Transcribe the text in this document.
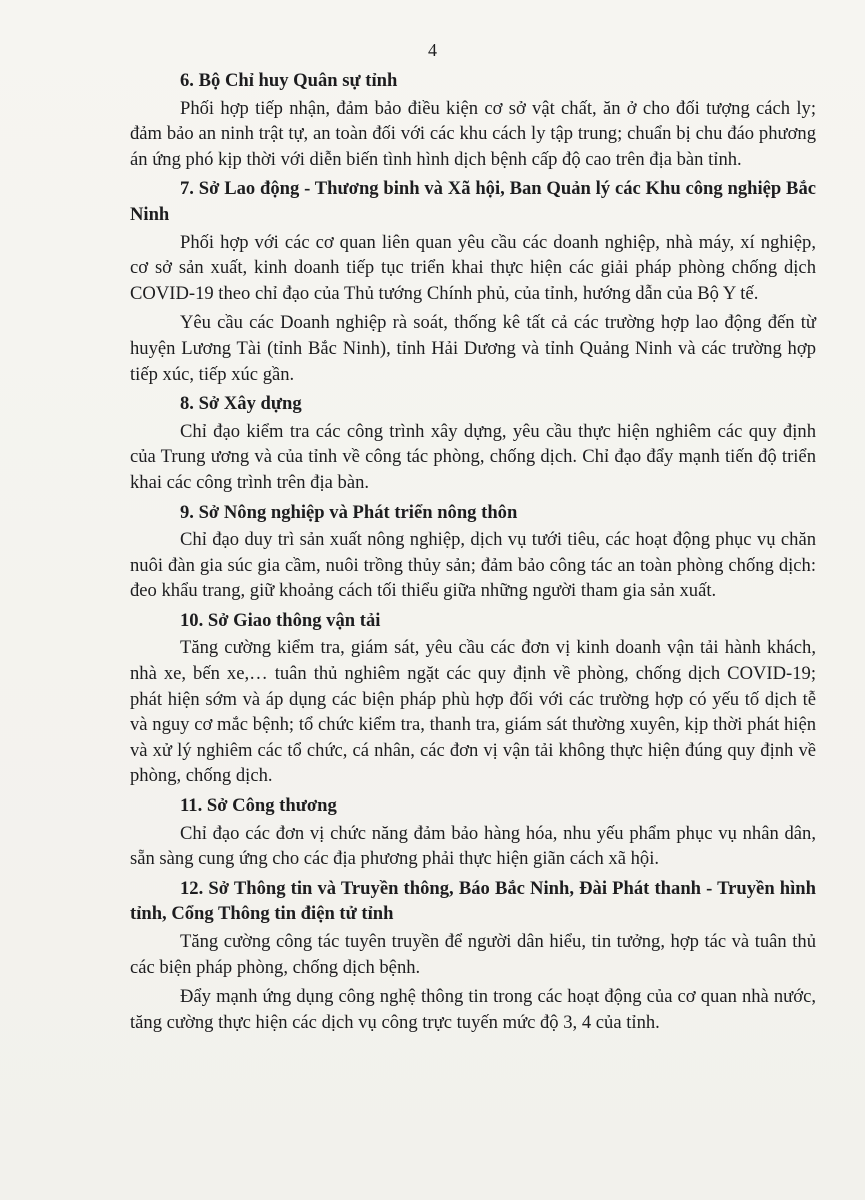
4

6. Bộ Chỉ huy Quân sự tỉnh

Phối hợp tiếp nhận, đảm bảo điều kiện cơ sở vật chất, ăn ở cho đối tượng cách ly; đảm bảo an ninh trật tự, an toàn đối với các khu cách ly tập trung; chuẩn bị chu đáo phương án ứng phó kịp thời với diễn biến tình hình dịch bệnh cấp độ cao trên địa bàn tỉnh.

7. Sở Lao động - Thương binh và Xã hội, Ban Quản lý các Khu công nghiệp Bắc Ninh

Phối hợp với các cơ quan liên quan yêu cầu các doanh nghiệp, nhà máy, xí nghiệp, cơ sở sản xuất, kinh doanh tiếp tục triển khai thực hiện các giải pháp phòng chống dịch COVID-19 theo chỉ đạo của Thủ tướng Chính phủ, của tỉnh, hướng dẫn của Bộ Y tế.

Yêu cầu các Doanh nghiệp rà soát, thống kê tất cả các trường hợp lao động đến từ huyện Lương Tài (tỉnh Bắc Ninh), tỉnh Hải Dương và tỉnh Quảng Ninh và các trường hợp tiếp xúc, tiếp xúc gần.

8. Sở Xây dựng

Chỉ đạo kiểm tra các công trình xây dựng, yêu cầu thực hiện nghiêm các quy định của Trung ương và của tỉnh về công tác phòng, chống dịch. Chỉ đạo đẩy mạnh tiến độ triển khai các công trình trên địa bàn.

9. Sở Nông nghiệp và Phát triển nông thôn

Chỉ đạo duy trì sản xuất nông nghiệp, dịch vụ tưới tiêu, các hoạt động phục vụ chăn nuôi đàn gia súc gia cầm, nuôi trồng thủy sản; đảm bảo công tác an toàn phòng chống dịch: đeo khẩu trang, giữ khoảng cách tối thiểu giữa những người tham gia sản xuất.

10. Sở Giao thông vận tải

Tăng cường kiểm tra, giám sát, yêu cầu các đơn vị kinh doanh vận tải hành khách, nhà xe, bến xe,… tuân thủ nghiêm ngặt các quy định về phòng, chống dịch COVID-19; phát hiện sớm và áp dụng các biện pháp phù hợp đối với các trường hợp có yếu tố dịch tễ và nguy cơ mắc bệnh; tổ chức kiểm tra, thanh tra, giám sát thường xuyên, kịp thời phát hiện và xử lý nghiêm các tổ chức, cá nhân, các đơn vị vận tải không thực hiện đúng quy định về phòng, chống dịch.

11. Sở Công thương

Chỉ đạo các đơn vị chức năng đảm bảo hàng hóa, nhu yếu phẩm phục vụ nhân dân, sẵn sàng cung ứng cho các địa phương phải thực hiện giãn cách xã hội.

12. Sở Thông tin và Truyền thông, Báo Bắc Ninh, Đài Phát thanh - Truyền hình tỉnh, Cổng Thông tin điện tử tỉnh

Tăng cường công tác tuyên truyền để người dân hiểu, tin tưởng, hợp tác và tuân thủ các biện pháp phòng, chống dịch bệnh.

Đẩy mạnh ứng dụng công nghệ thông tin trong các hoạt động của cơ quan nhà nước, tăng cường thực hiện các dịch vụ công trực tuyến mức độ 3, 4 của tỉnh.
